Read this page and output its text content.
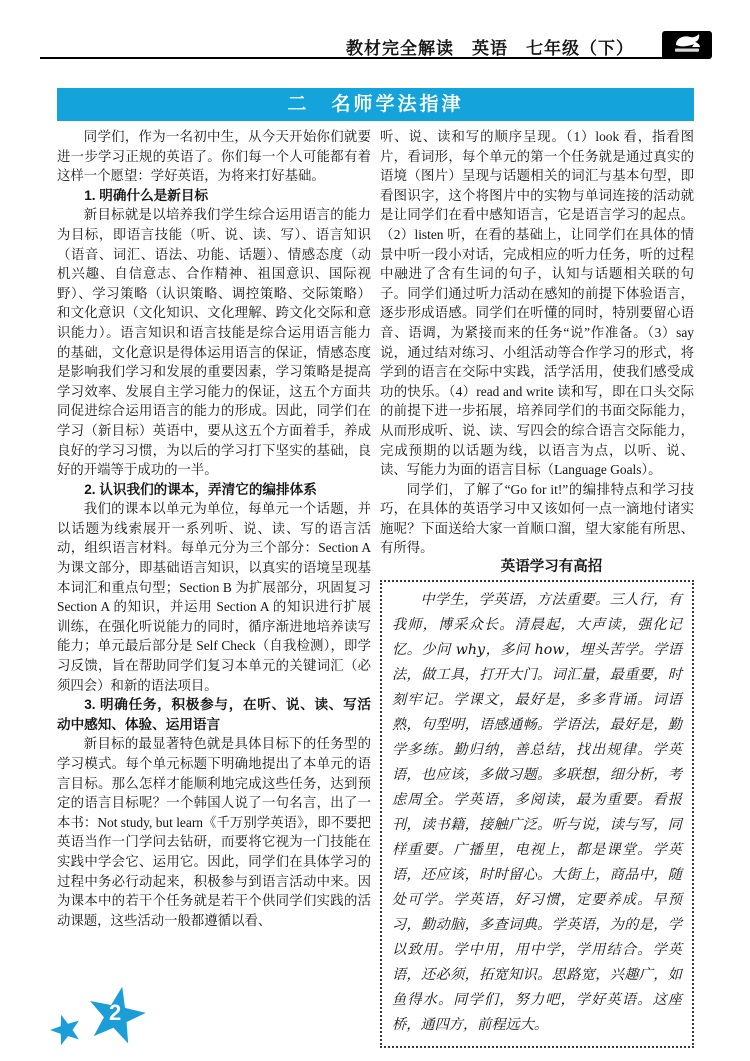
教材完全解读　英语　七年级（下）
二　名师学法指津

同学们，作为一名初中生，从今天开始你们就要进一步学习正规的英语了。你们每一个人可能都有着这样一个愿望：学好英语，为将来打好基础。

1. 明确什么是新目标

新目标就是以培养我们学生综合运用语言的能力为目标，即语言技能（听、说、读、写）、语言知识（语音、词汇、语法、功能、话题）、情感态度（动机兴趣、自信意志、合作精神、祖国意识、国际视野）、学习策略（认识策略、调控策略、交际策略）和文化意识（文化知识、文化理解、跨文化交际和意识能力）。语言知识和语言技能是综合运用语言能力的基础，文化意识是得体运用语言的保证，情感态度是影响我们学习和发展的重要因素，学习策略是提高学习效率、发展自主学习能力的保证，这五个方面共同促进综合运用语言的能力的形成。因此，同学们在学习（新目标）英语中，要从这五个方面着手，养成良好的学习习惯，为以后的学习打下坚实的基础，良好的开端等于成功的一半。

2. 认识我们的课本，弄清它的编排体系

我们的课本以单元为单位，每单元一个话题，并以话题为线索展开一系列听、说、读、写的语言活动，组织语言材料。每单元分为三个部分：Section A 为课文部分，即基础语言知识，以真实的语境呈现基本词汇和重点句型；Section B 为扩展部分，巩固复习 Section A 的知识，并运用 Section A 的知识进行扩展训练，在强化听说能力的同时，循序渐进地培养读写能力；单元最后部分是 Self Check（自我检测），即学习反馈，旨在帮助同学们复习本单元的关键词汇（必须四会）和新的语法项目。

3. 明确任务，积极参与，在听、说、读、写活动中感知、体验、运用语言

新目标的最显著特色就是具体目标下的任务型的学习模式。每个单元标题下明确地提出了本单元的语言目标。那么怎样才能顺利地完成这些任务，达到预定的语言目标呢？一个韩国人说了一句名言，出了一本书：Not study, but learn《千万别学英语》，即不要把英语当作一门学问去钻研，而要将它视为一门技能在实践中学会它、运用它。因此，同学们在具体学习的过程中务必行动起来，积极参与到语言活动中来。因为课本中的若干个任务就是若干个供同学们实践的活动课题，这些活动一般都遵循以看、

听、说、读和写的顺序呈现。（1）look 看，指看图片，看词形，每个单元的第一个任务就是通过真实的语境（图片）呈现与话题相关的词汇与基本句型，即看图识字，这个将图片中的实物与单词连接的活动就是让同学们在看中感知语言，它是语言学习的起点。（2）listen 听，在看的基础上，让同学们在具体的情景中听一段小对话，完成相应的听力任务，听的过程中融进了含有生词的句子，认知与话题相关联的句子。同学们通过听力活动在感知的前提下体验语言，逐步形成语感。同学们在听懂的同时，特别要留心语音、语调，为紧接而来的任务“说”作准备。（3）say 说，通过结对练习、小组活动等合作学习的形式，将学到的语言在交际中实践，活学活用，使我们感受成功的快乐。（4）read and write 读和写，即在口头交际的前提下进一步拓展，培养同学们的书面交际能力，从而形成听、说、读、写四会的综合语言交际能力，完成预期的以话题为线，以语言为点，以听、说、读、写能力为面的语言目标（Language Goals）。

同学们，了解了“Go for it!”的编排特点和学习技巧，在具体的英语学习中又该如何一点一滴地付诸实施呢？下面送给大家一首顺口溜，望大家能有所思、有所得。

英语学习有高招

中学生，学英语，方法重要。三人行，有我师，博采众长。清晨起，大声读，强化记忆。少问 why，多问 how，埋头苦学。学语法，做工具，打开大门。词汇量，最重要，时刻牢记。学课文，最好是，多多背诵。词语熟，句型明，语感通畅。学语法，最好是，勤学多练。勤归纳，善总结，找出规律。学英语，也应该，多做习题。多联想，细分析，考虑周全。学英语，多阅读，最为重要。看报刊，读书籍，接触广泛。听与说，读与写，同样重要。广播里，电视上，都是课堂。学英语，还应该，时时留心。大街上，商品中，随处可学。学英语，好习惯，定要养成。早预习，勤动脑，多查词典。学英语，为的是，学以致用。学中用，用中学，学用结合。学英语，还必须，拓宽知识。思路宽，兴趣广，如鱼得水。同学们，努力吧，学好英语。这座桥，通四方，前程远大。

2
